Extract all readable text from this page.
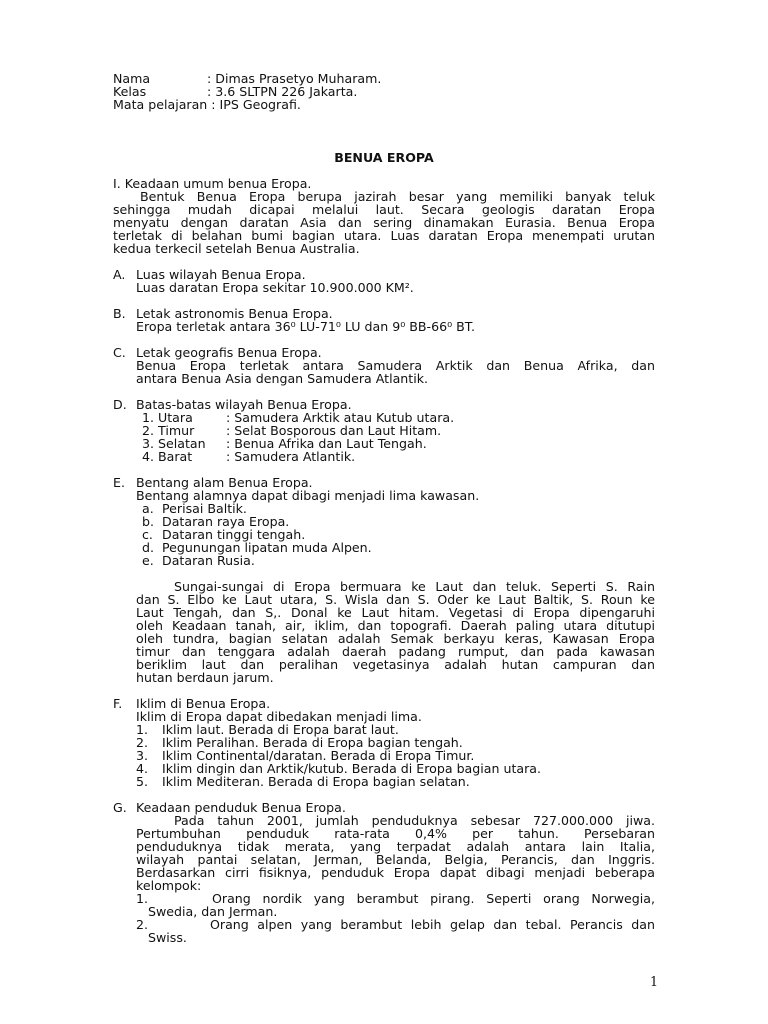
Nama	: Dimas Prasetyo Muharam.
Kelas	: 3.6 SLTPN 226 Jakarta.
Mata pelajaran : IPS Geografi.
BENUA EROPA
I. Keadaan umum benua Eropa.
Bentuk Benua Eropa berupa jazirah besar yang memiliki banyak teluk
sehingga mudah dicapai melalui laut. Secara geologis daratan Eropa
menyatu dengan daratan Asia dan sering dinamakan Eurasia. Benua Eropa
terletak di belahan bumi bagian utara. Luas daratan Eropa menempati urutan
kedua terkecil setelah Benua Australia.
A. Luas wilayah Benua Eropa.
Luas daratan Eropa sekitar 10.900.000 KM².
B. Letak astronomis Benua Eropa.
Eropa terletak antara 36⁰ LU-71⁰ LU dan 9⁰ BB-66⁰ BT.
C. Letak geografis Benua Eropa.
Benua Eropa terletak antara Samudera Arktik dan Benua Afrika, dan
antara Benua Asia dengan Samudera Atlantik.
D. Batas-batas wilayah Benua Eropa.
1. Utara	: Samudera Arktik atau Kutub utara.
2. Timur	: Selat Bosporous dan Laut Hitam.
3. Selatan : Benua Afrika dan Laut Tengah.
4. Barat	: Samudera Atlantik.
E. Bentang alam Benua Eropa.
Bentang alamnya dapat dibagi menjadi lima kawasan.
a. Perisai Baltik.
b. Dataran raya Eropa.
c. Dataran tinggi tengah.
d. Pegunungan lipatan muda Alpen.
e. Dataran Rusia.
Sungai-sungai di Eropa bermuara ke Laut dan teluk. Seperti S. Rain
dan S. Elbo ke Laut utara, S. Wisla dan S. Oder ke Laut Baltik, S. Roun ke
Laut Tengah, dan S,. Donal ke Laut hitam. Vegetasi di Eropa dipengaruhi
oleh Keadaan tanah, air, iklim, dan topografi. Daerah paling utara ditutupi
oleh tundra, bagian selatan adalah Semak berkayu keras, Kawasan Eropa
timur dan tenggara adalah daerah padang rumput, dan pada kawasan
beriklim laut dan peralihan vegetasinya adalah hutan campuran dan
hutan berdaun jarum.
F. Iklim di Benua Eropa.
Iklim di Eropa dapat dibedakan menjadi lima.
1. Iklim laut. Berada di Eropa barat laut.
2. Iklim Peralihan. Berada di Eropa bagian tengah.
3. Iklim Continental/daratan. Berada di Eropa Timur.
4. Iklim dingin dan Arktik/kutub. Berada di Eropa bagian utara.
5. Iklim Mediteran. Berada di Eropa bagian selatan.
G. Keadaan penduduk Benua Eropa.
Pada tahun 2001, jumlah penduduknya sebesar 727.000.000 jiwa.
Pertumbuhan penduduk rata-rata 0,4% per tahun. Persebaran
penduduknya tidak merata, yang terpadat adalah antara lain Italia,
wilayah pantai selatan, Jerman, Belanda, Belgia, Perancis, dan Inggris.
Berdasarkan cirri fisiknya, penduduk Eropa dapat dibagi menjadi beberapa
kelompok:
1.	Orang nordik yang berambut pirang. Seperti orang Norwegia,
Swedia, dan Jerman.
2.	Orang alpen yang berambut lebih gelap dan tebal. Perancis dan
Swiss.
1
